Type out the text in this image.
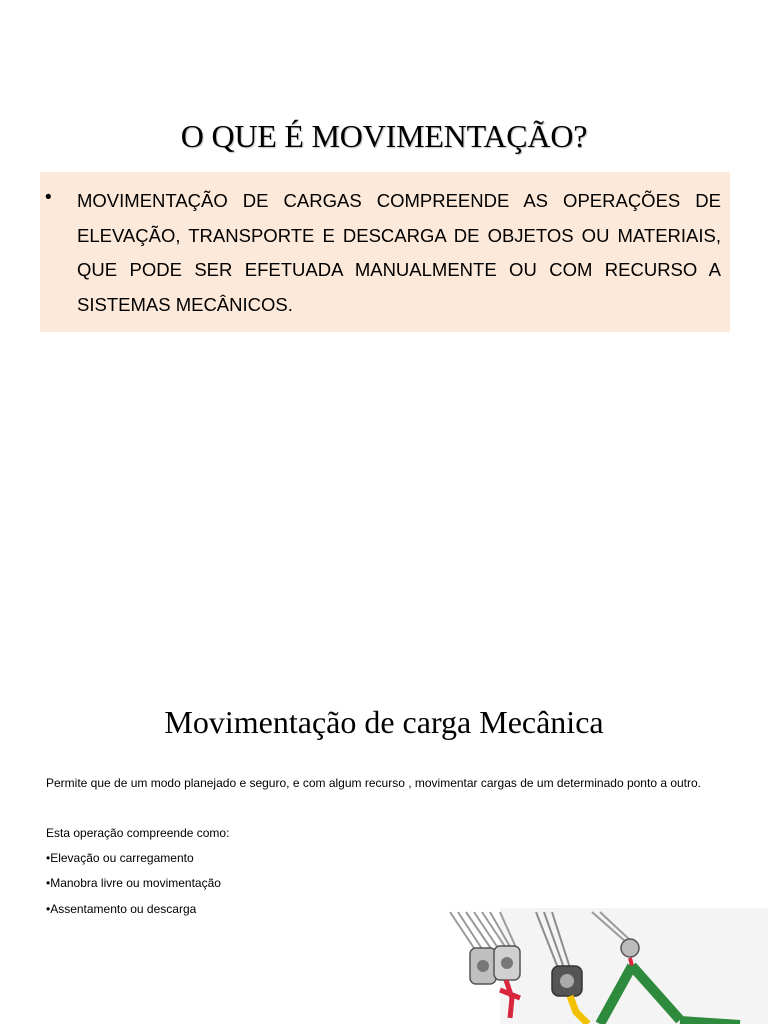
O QUE É MOVIMENTAÇÃO?
• MOVIMENTAÇÃO DE CARGAS COMPREENDE AS OPERAÇÕES DE ELEVAÇÃO, TRANSPORTE E DESCARGA DE OBJETOS OU MATERIAIS, QUE PODE SER EFETUADA MANUALMENTE OU COM RECURSO A SISTEMAS MECÂNICOS.
Movimentação de carga Mecânica
Permite que de um modo planejado e seguro, e com algum recurso , movimentar cargas de um determinado ponto a outro.
Esta operação compreende como:
•Elevação ou carregamento
•Manobra livre ou movimentação
•Assentamento ou descarga
